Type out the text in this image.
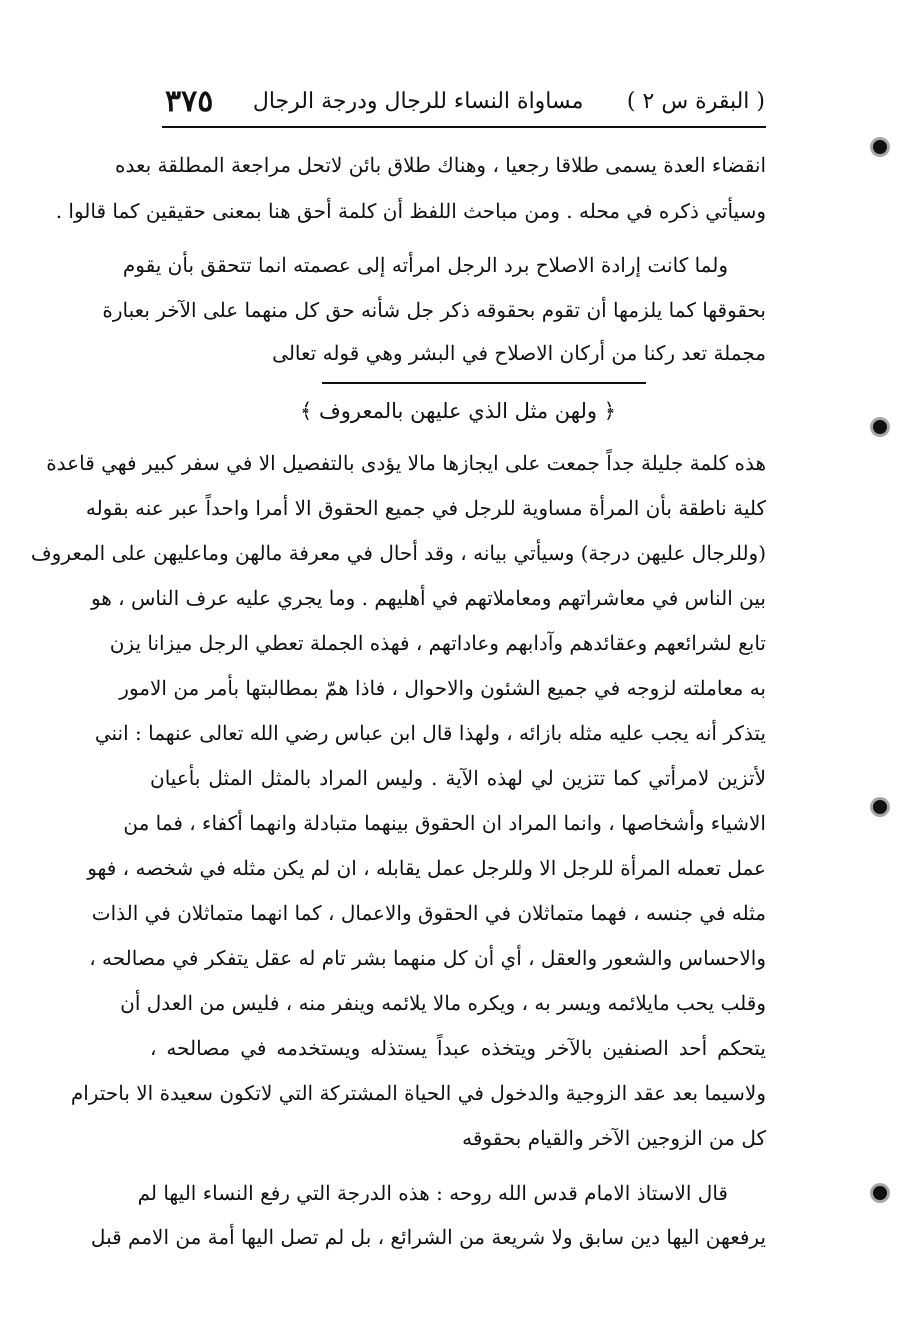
( البقرة س ٢ )
مساواة النساء للرجال ودرجة الرجال
٣٧٥
انقضاء العدة يسمى طلاقا رجعيا ، وهناك طلاق بائن لاتحل مراجعة المطلقة بعده
وسيأتي ذكره في محله . ومن مباحث اللفظ أن كلمة أحق هنا بمعنى حقيقين كما قالوا .
ولما كانت إرادة الاصلاح برد الرجل امرأته إلى عصمته انما تتحقق بأن يقوم
بحقوقها كما يلزمها أن تقوم بحقوقه ذكر جل شأنه حق كل منهما على الآخر بعبارة
مجملة تعد ركنا من أركان الاصلاح في البشر وهي قوله تعالى
﴿ ولهن مثل الذي عليهن بالمعروف ﴾
هذه كلمة جليلة جداً جمعت على ايجازها مالا يؤدى بالتفصيل الا في سفر كبير فهي قاعدة
كلية ناطقة بأن المرأة مساوية للرجل في جميع الحقوق الا أمرا واحداً عبر عنه بقوله
(وللرجال عليهن درجة) وسيأتي بيانه ، وقد أحال في معرفة مالهن وماعليهن على المعروف
بين الناس في معاشراتهم ومعاملاتهم في أهليهم . وما يجري عليه عرف الناس ، هو
تابع لشرائعهم وعقائدهم وآدابهم وعاداتهم ، فهذه الجملة تعطي الرجل ميزانا يزن
به معاملته لزوجه في جميع الشئون والاحوال ، فاذا همّ بمطالبتها بأمر من الامور
يتذكر أنه يجب عليه مثله بازائه ، ولهذا قال ابن عباس رضي الله تعالى عنهما : انني
لأتزين لامرأتي كما تتزين لي لهذه الآية . وليس المراد بالمثل المثل بأعيان
الاشياء وأشخاصها ، وانما المراد ان الحقوق بينهما متبادلة وانهما أكفاء ، فما من
عمل تعمله المرأة للرجل الا وللرجل عمل يقابله ، ان لم يكن مثله في شخصه ، فهو
مثله في جنسه ، فهما متماثلان في الحقوق والاعمال ، كما انهما متماثلان في الذات
والاحساس والشعور والعقل ، أي أن كل منهما بشر تام له عقل يتفكر في مصالحه ،
وقلب يحب مايلائمه ويسر به ، ويكره مالا يلائمه وينفر منه ، فليس من العدل أن
يتحكم أحد الصنفين بالآخر ويتخذه عبداً يستذله ويستخدمه في مصالحه ،
ولاسيما بعد عقد الزوجية والدخول في الحياة المشتركة التي لاتكون سعيدة الا باحترام
كل من الزوجين الآخر والقيام بحقوقه
قال الاستاذ الامام قدس الله روحه : هذه الدرجة التي رفع النساء اليها لم
يرفعهن اليها دين سابق ولا شريعة من الشرائع ، بل لم تصل اليها أمة من الامم قبل
